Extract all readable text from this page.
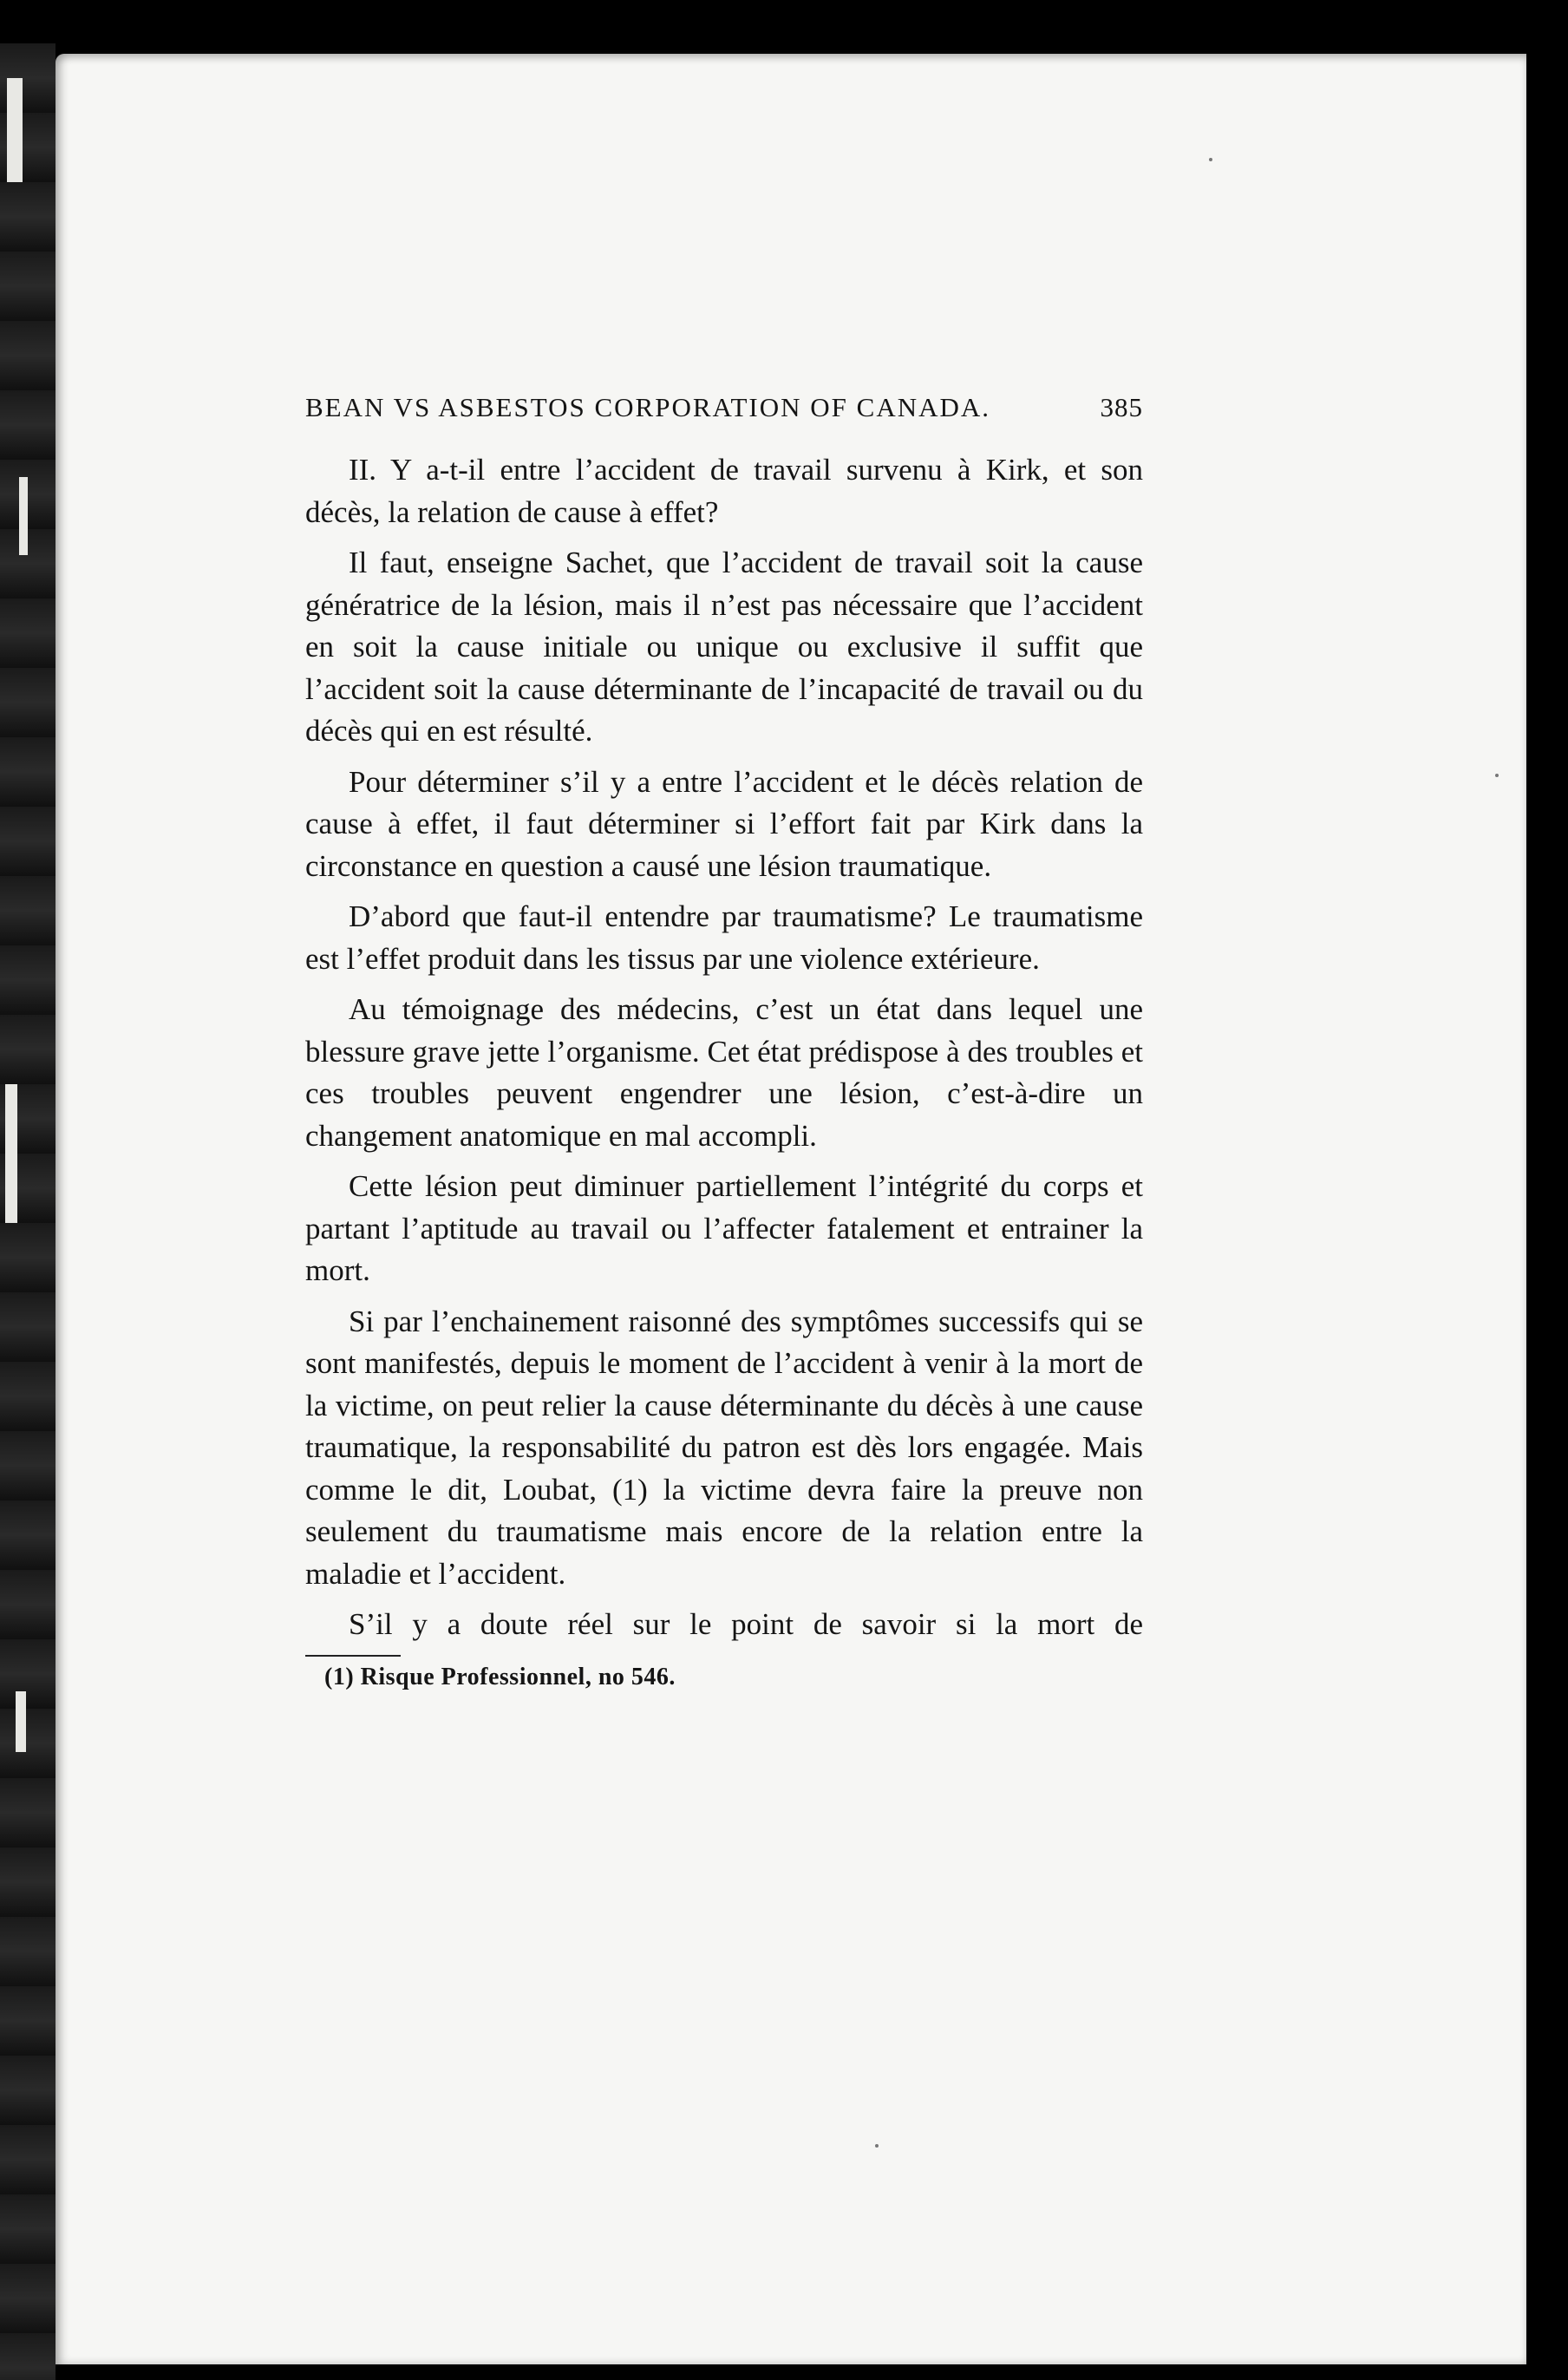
BEAN VS ASBESTOS CORPORATION OF CANADA.	385

II. Y a-t-il entre l’accident de travail survenu à Kirk, et son décès, la relation de cause à effet?

Il faut, enseigne Sachet, que l’accident de travail soit la cause génératrice de la lésion, mais il n’est pas nécessaire que l’accident en soit la cause initiale ou unique ou exclusive il suffit que l’accident soit la cause déterminante de l’incapacité de travail ou du décès qui en est résulté.

Pour déterminer s’il y a entre l’accident et le décès relation de cause à effet, il faut déterminer si l’effort fait par Kirk dans la circonstance en question a causé une lésion traumatique.

D’abord que faut-il entendre par traumatisme? Le traumatisme est l’effet produit dans les tissus par une violence extérieure.

Au témoignage des médecins, c’est un état dans lequel une blessure grave jette l’organisme. Cet état prédispose à des troubles et ces troubles peuvent engendrer une lésion, c’est-à-dire un changement anatomique en mal accompli.

Cette lésion peut diminuer partiellement l’intégrité du corps et partant l’aptitude au travail ou l’affecter fatalement et entrainer la mort.

Si par l’enchainement raisonné des symptômes successifs qui se sont manifestés, depuis le moment de l’accident à venir à la mort de la victime, on peut relier la cause déterminante du décès à une cause traumatique, la responsabilité du patron est dès lors engagée. Mais comme le dit, Loubat, (1) la victime devra faire la preuve non seulement du traumatisme mais encore de la relation entre la maladie et l’accident.

S’il y a doute réel sur le point de savoir si la mort de

(1) Risque Professionnel, no 546.
